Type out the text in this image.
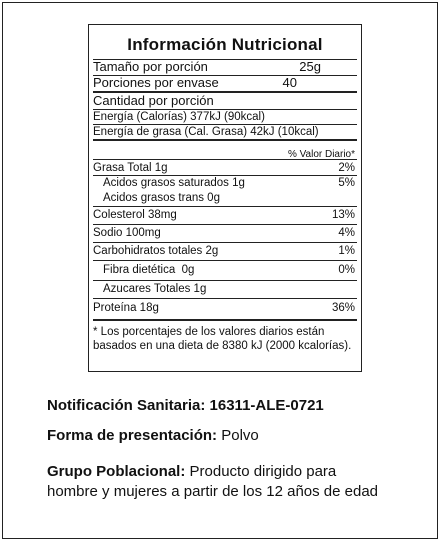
Información Nutricional
Tamaño por porción	25g
Porciones por envase	40
Cantidad por porción
Energía (Calorías) 377kJ (90kcal)
Energía de grasa (Cal. Grasa) 42kJ (10kcal)
% Valor Diario*
Grasa Total 1g	2%
Acidos grasos saturados 1g	5%
Acidos grasos trans 0g
Colesterol 38mg	13%
Sodio 100mg	4%
Carbohidratos totales 2g	1%
Fibra dietética  0g	0%
Azucares Totales 1g
Proteína 18g	36%
* Los porcentajes de los valores diarios están basados en una dieta de 8380 kJ (2000 kcalorías).
Notificación Sanitaria: 16311-ALE-0721
Forma de presentación: Polvo
Grupo Poblacional: Producto dirigido para
hombre y mujeres a partir de los 12 años de edad
